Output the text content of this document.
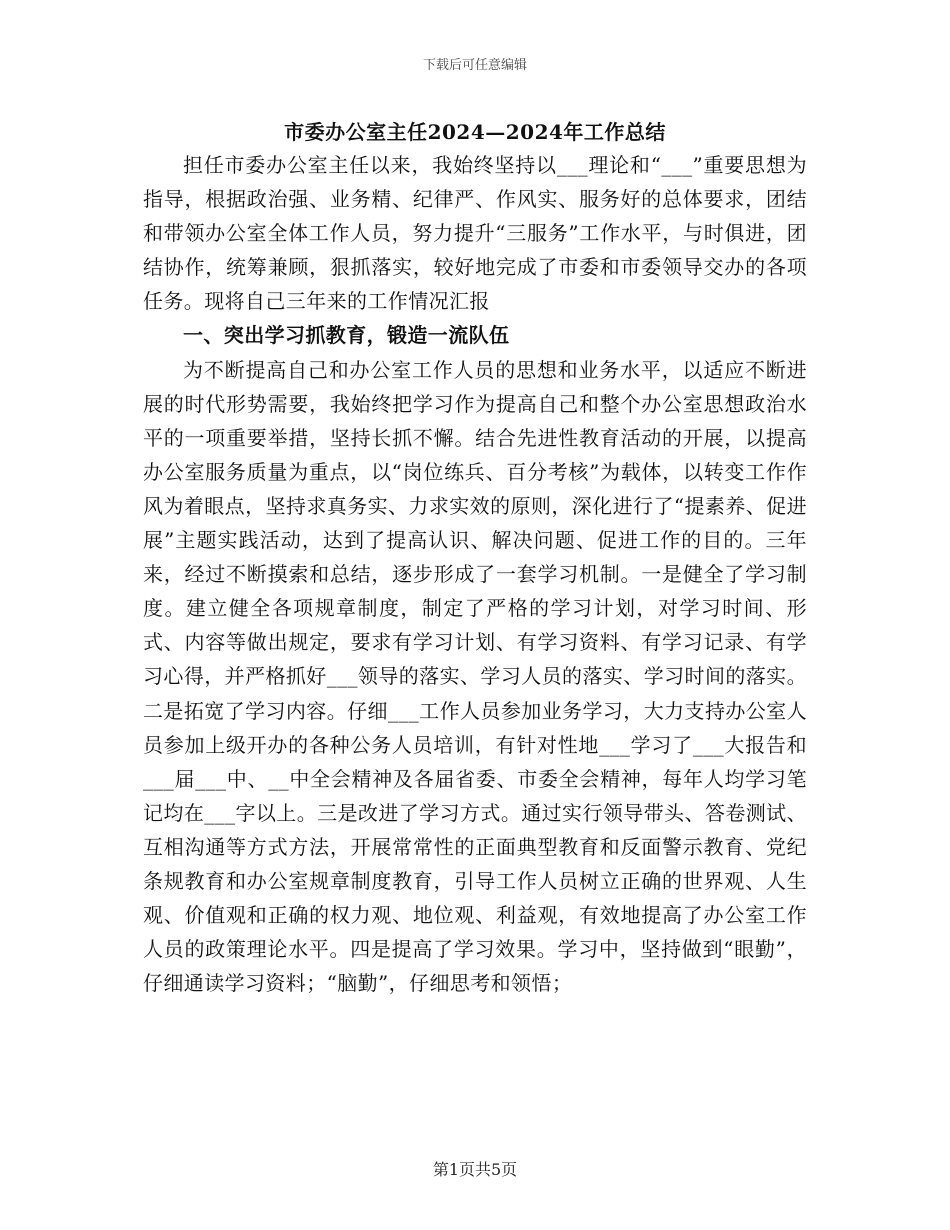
下载后可任意编辑
市委办公室主任2024—2024年工作总结

担任市委办公室主任以来，我始终坚持以___理论和“___”重要思想为指导，根据政治强、业务精、纪律严、作风实、服务好的总体要求，团结和带领办公室全体工作人员，努力提升“三服务”工作水平，与时俱进，团结协作，统筹兼顾，狠抓落实，较好地完成了市委和市委领导交办的各项任务。现将自己三年来的工作情况汇报

一、突出学习抓教育，锻造一流队伍

为不断提高自己和办公室工作人员的思想和业务水平，以适应不断进展的时代形势需要，我始终把学习作为提高自己和整个办公室思想政治水平的一项重要举措，坚持长抓不懈。结合先进性教育活动的开展，以提高办公室服务质量为重点，以“岗位练兵、百分考核”为载体，以转变工作作风为着眼点，坚持求真务实、力求实效的原则，深化进行了“提素养、促进展”主题实践活动，达到了提高认识、解决问题、促进工作的目的。三年来，经过不断摸索和总结，逐步形成了一套学习机制。一是健全了学习制度。建立健全各项规章制度，制定了严格的学习计划，对学习时间、形式、内容等做出规定，要求有学习计划、有学习资料、有学习记录、有学习心得，并严格抓好___领导的落实、学习人员的落实、学习时间的落实。二是拓宽了学习内容。仔细___工作人员参加业务学习，大力支持办公室人员参加上级开办的各种公务人员培训，有针对性地___学习了___大报告和___届___中、__中全会精神及各届省委、市委全会精神，每年人均学习笔记均在___字以上。三是改进了学习方式。通过实行领导带头、答卷测试、互相沟通等方式方法，开展常常性的正面典型教育和反面警示教育、党纪条规教育和办公室规章制度教育，引导工作人员树立正确的世界观、人生观、价值观和正确的权力观、地位观、利益观，有效地提高了办公室工作人员的政策理论水平。四是提高了学习效果。学习中，坚持做到“眼勤”，仔细通读学习资料；“脑勤”，仔细思考和领悟；

第1页共5页
